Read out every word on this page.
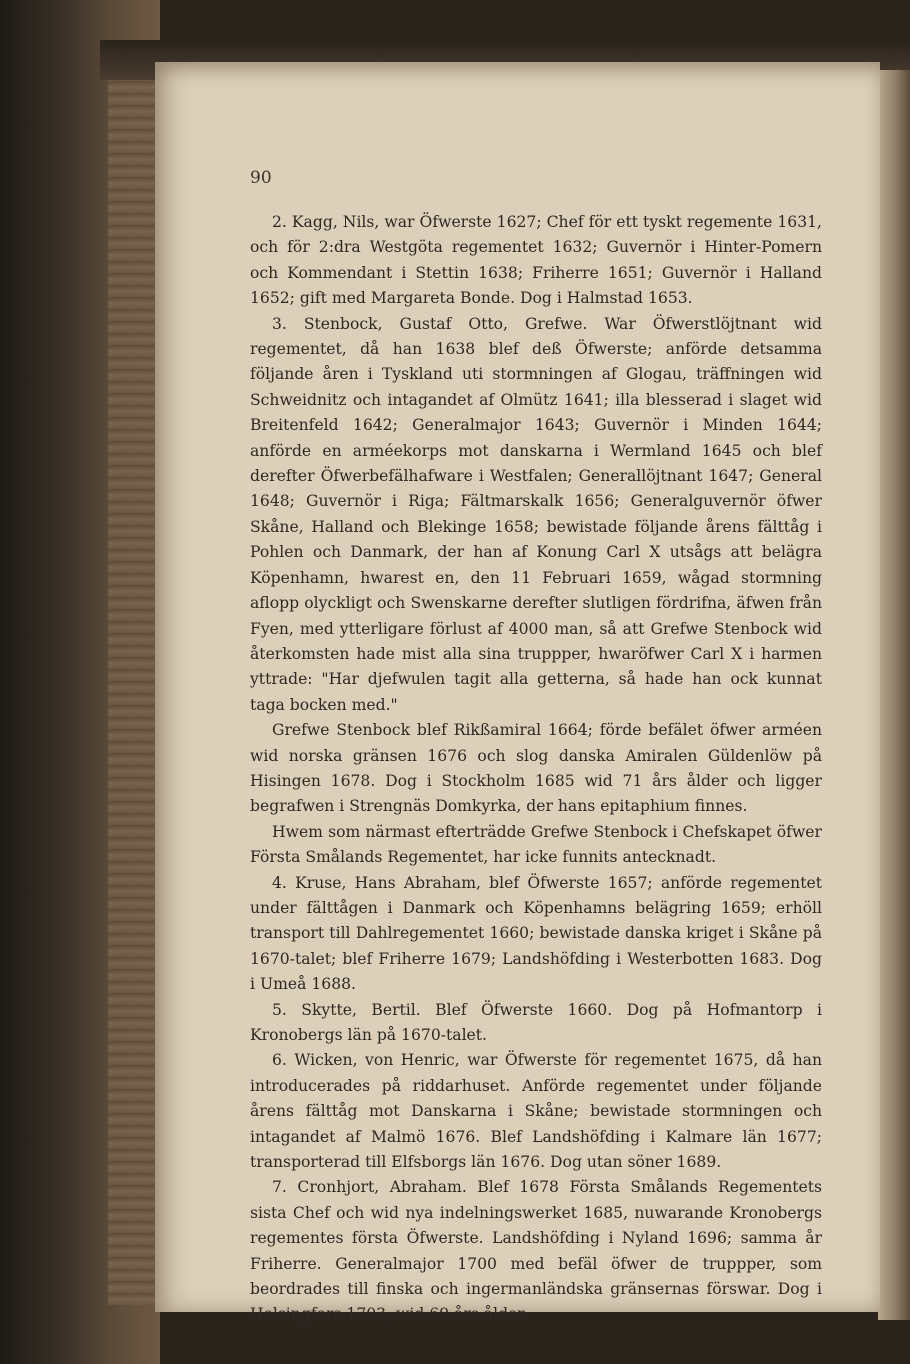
90

2. Kagg, Nils, war Öfwerste 1627; Chef för ett tyskt regemente 1631, och för 2:dra Westgöta regementet 1632; Guvernör i Hinter-Pomern och Kommendant i Stettin 1638; Friherre 1651; Guvernör i Halland 1652; gift med Margareta Bonde. Dog i Halmstad 1653.

3. Stenbock, Gustaf Otto, Grefwe. War Öfwerstlöjtnant wid regementet, då han 1638 blef deß Öfwerste; anförde detsamma följande åren i Tyskland uti stormningen af Glogau, träffningen wid Schweidnitz och intagandet af Olmütz 1641; illa blesserad i slaget wid Breitenfeld 1642; Generalmajor 1643; Guvernör i Minden 1644; anförde en arméekorps mot danskarna i Wermland 1645 och blef derefter Öfwerbefälhafware i Westfalen; Generallöjtnant 1647; General 1648; Guvernör i Riga; Fältmarskalk 1656; Generalguvernör öfwer Skåne, Halland och Blekinge 1658; bewistade följande årens fälttåg i Pohlen och Danmark, der han af Konung Carl X utsågs att belägra Köpenhamn, hwarest en, den 11 Februari 1659, wågad stormning aflopp olyckligt och Swenskarne derefter slutligen fördrifna, äfwen från Fyen, med ytterligare förlust af 4000 man, så att Grefwe Stenbock wid återkomsten hade mist alla sina truppper, hwaröfwer Carl X i harmen yttrade: "Har djefwulen tagit alla getterna, så hade han ock kunnat taga bocken med."

Grefwe Stenbock blef Rikßamiral 1664; förde befälet öfwer arméen wid norska gränsen 1676 och slog danska Amiralen Güldenlöw på Hisingen 1678. Dog i Stockholm 1685 wid 71 års ålder och ligger begrafwen i Strengnäs Domkyrka, der hans epitaphium finnes.

Hwem som närmast efterträdde Grefwe Stenbock i Chefskapet öfwer Första Smålands Regementet, har icke funnits antecknadt.

4. Kruse, Hans Abraham, blef Öfwerste 1657; anförde regementet under fälttågen i Danmark och Köpenhamns belägring 1659; erhöll transport till Dahlregementet 1660; bewistade danska kriget i Skåne på 1670-talet; blef Friherre 1679; Landshöfding i Westerbotten 1683. Dog i Umeå 1688.

5. Skytte, Bertil. Blef Öfwerste 1660. Dog på Hofmantorp i Kronobergs län på 1670-talet.

6. Wicken, von Henric, war Öfwerste för regementet 1675, då han introducerades på riddarhuset. Anförde regementet under följande årens fälttåg mot Danskarna i Skåne; bewistade stormningen och intagandet af Malmö 1676. Blef Landshöfding i Kalmare län 1677; transporterad till Elfsborgs län 1676. Dog utan söner 1689.

7. Cronhjort, Abraham. Blef 1678 Första Smålands Regementets sista Chef och wid nya indelningswerket 1685, nuwarande Kronobergs regementes första Öfwerste. Landshöfding i Nyland 1696; samma år Friherre. Generalmajor 1700 med befäl öfwer de truppper, som beordrades till finska och ingermanländska gränsernas förswar. Dog i Helsingfors 1703, wid 69 års ålder.
